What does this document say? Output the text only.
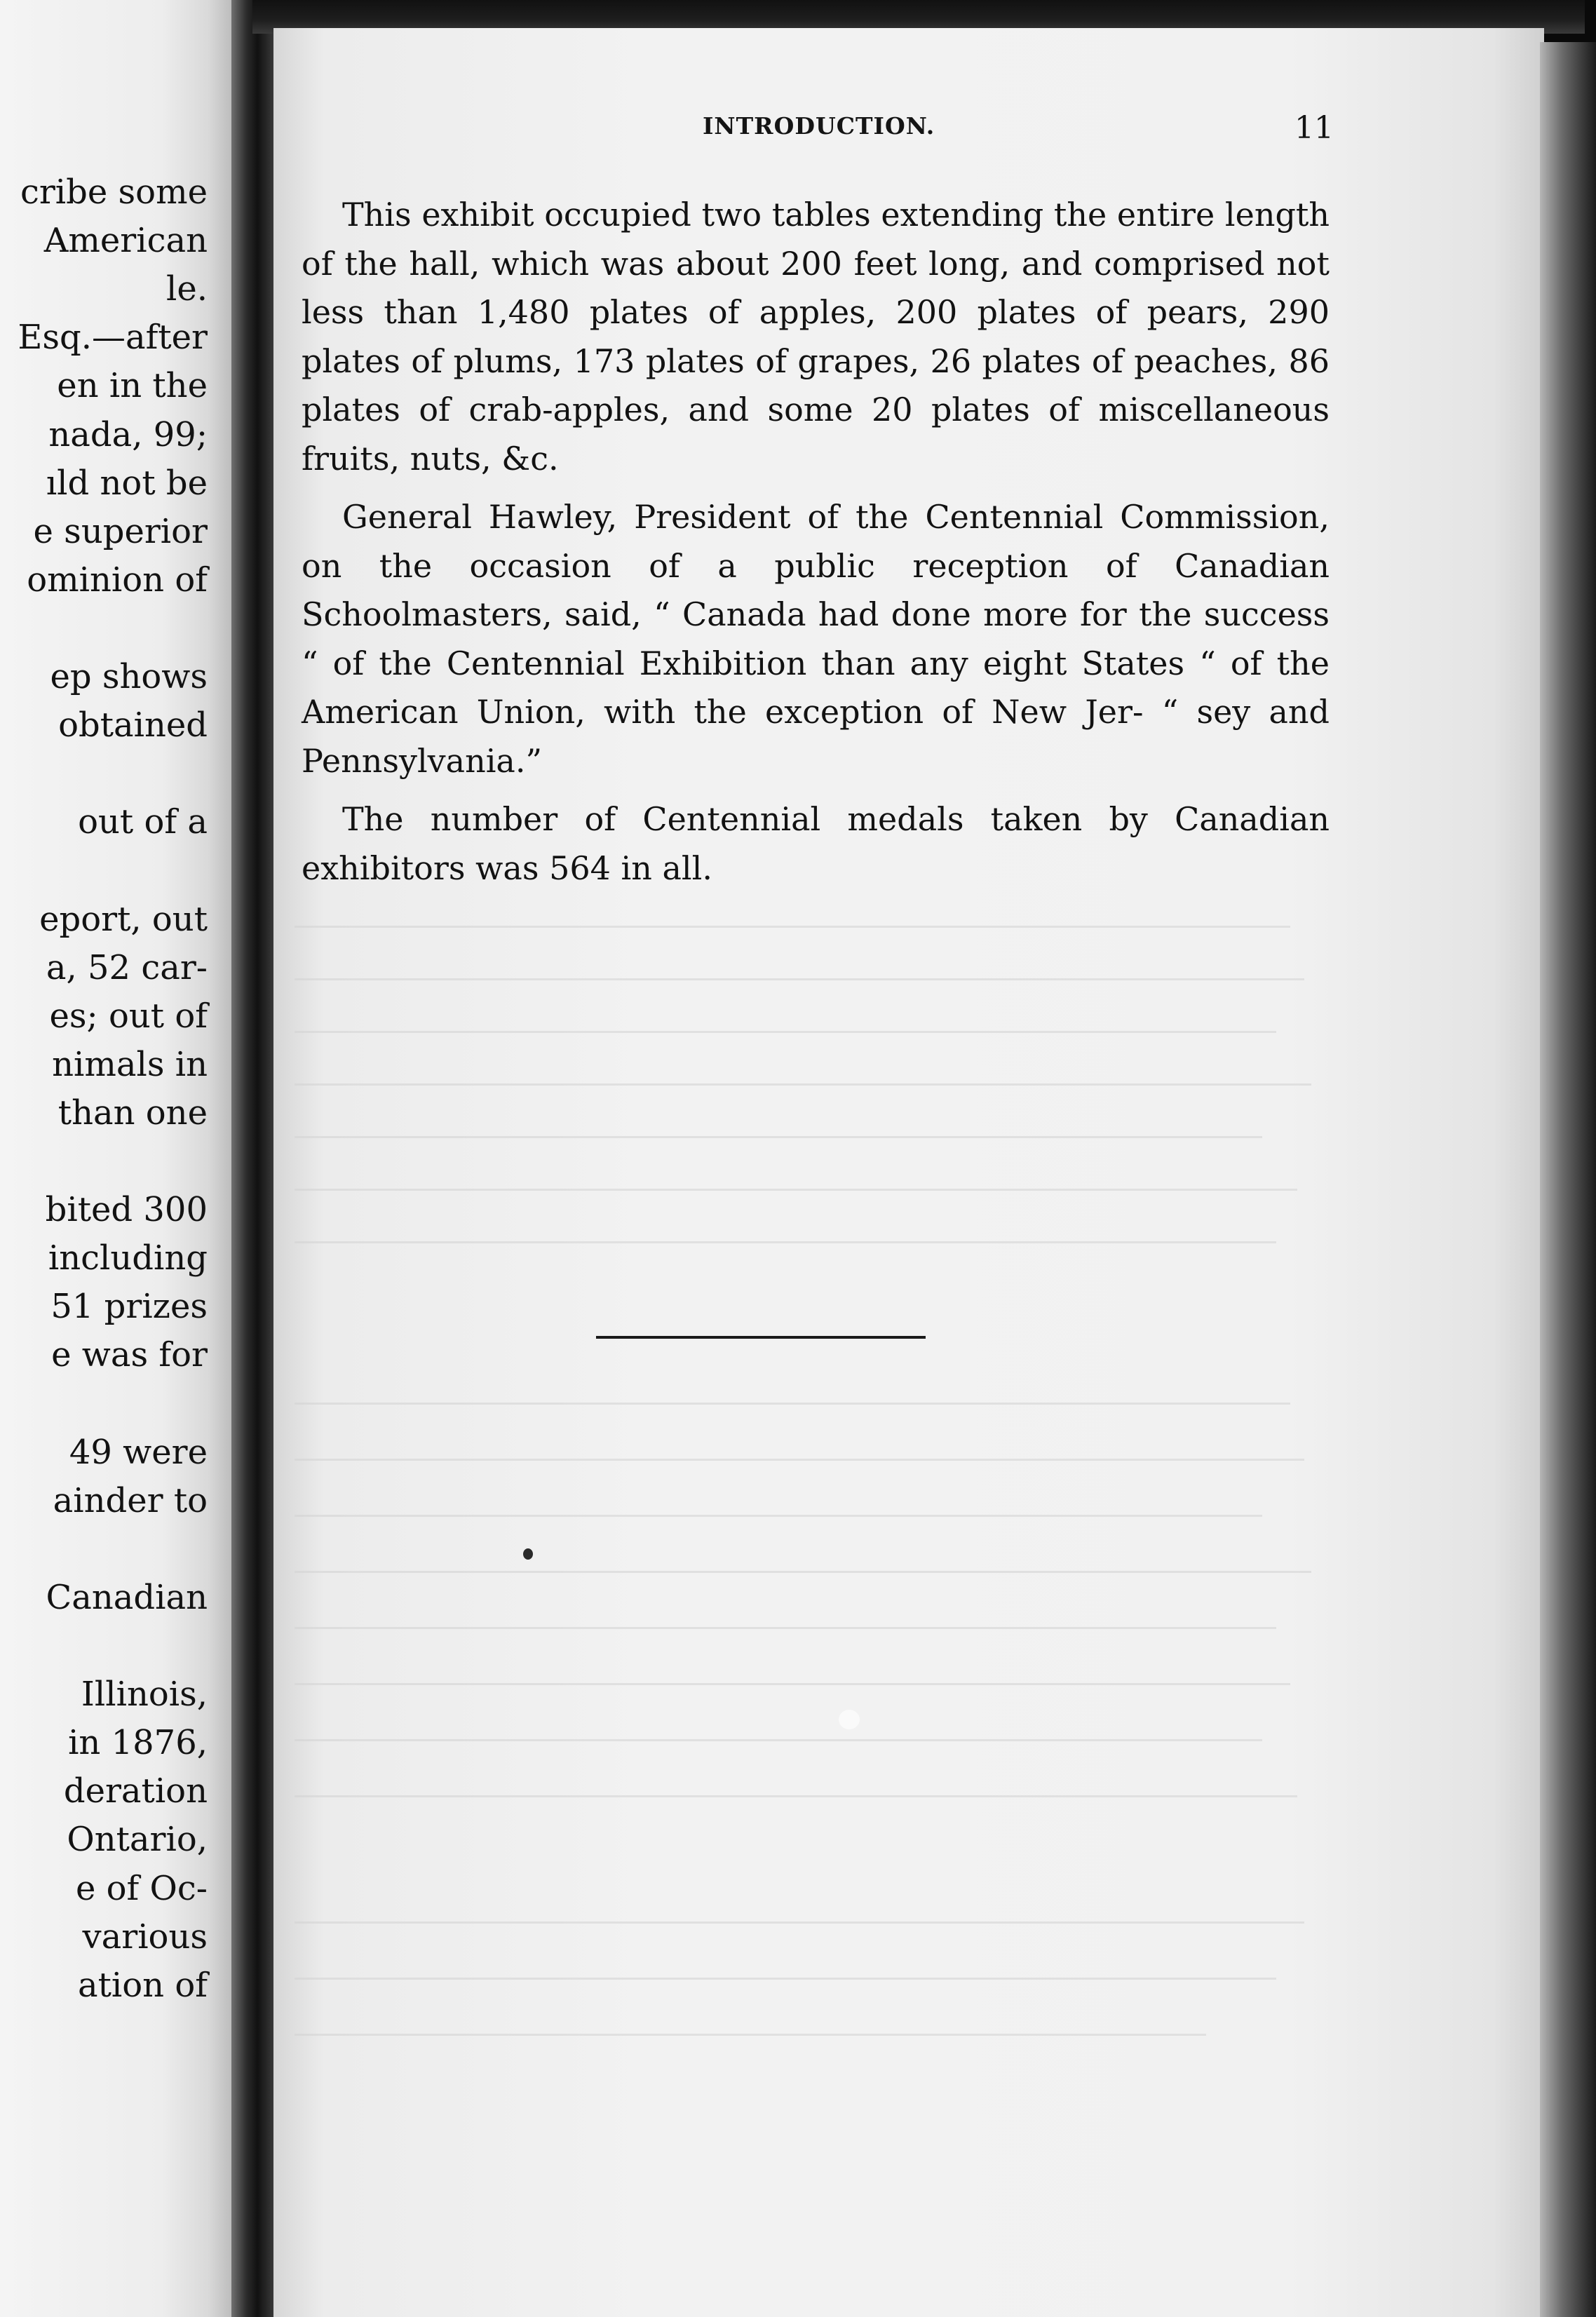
cribe some
American
le.
Esq.—after
en in the
nada, 99;
ıld not be
e superior
ominion of
ep shows
obtained
out of a
eport, out
a, 52 car-
es; out of
nimals in
than one
bited 300
including
51 prizes
e was for
49 were
ainder to
Canadian
Illinois,
in 1876,
deration
Ontario,
e of Oc-
various
ation of
INTRODUCTION.	11

This exhibit occupied two tables extending the entire length of the hall, which was about 200 feet long, and comprised not less than 1,480 plates of apples, 200 plates of pears, 290 plates of plums, 173 plates of grapes, 26 plates of peaches, 86 plates of crab-apples, and some 20 plates of miscellaneous fruits, nuts, &c.

General Hawley, President of the Centennial Commission, on the occasion of a public reception of Canadian Schoolmasters, said, “ Canada had done more for the success “ of the Centennial Exhibition than any eight States “ of the American Union, with the exception of New Jer- “ sey and Pennsylvania.”

The number of Centennial medals taken by Canadian exhibitors was 564 in all.
